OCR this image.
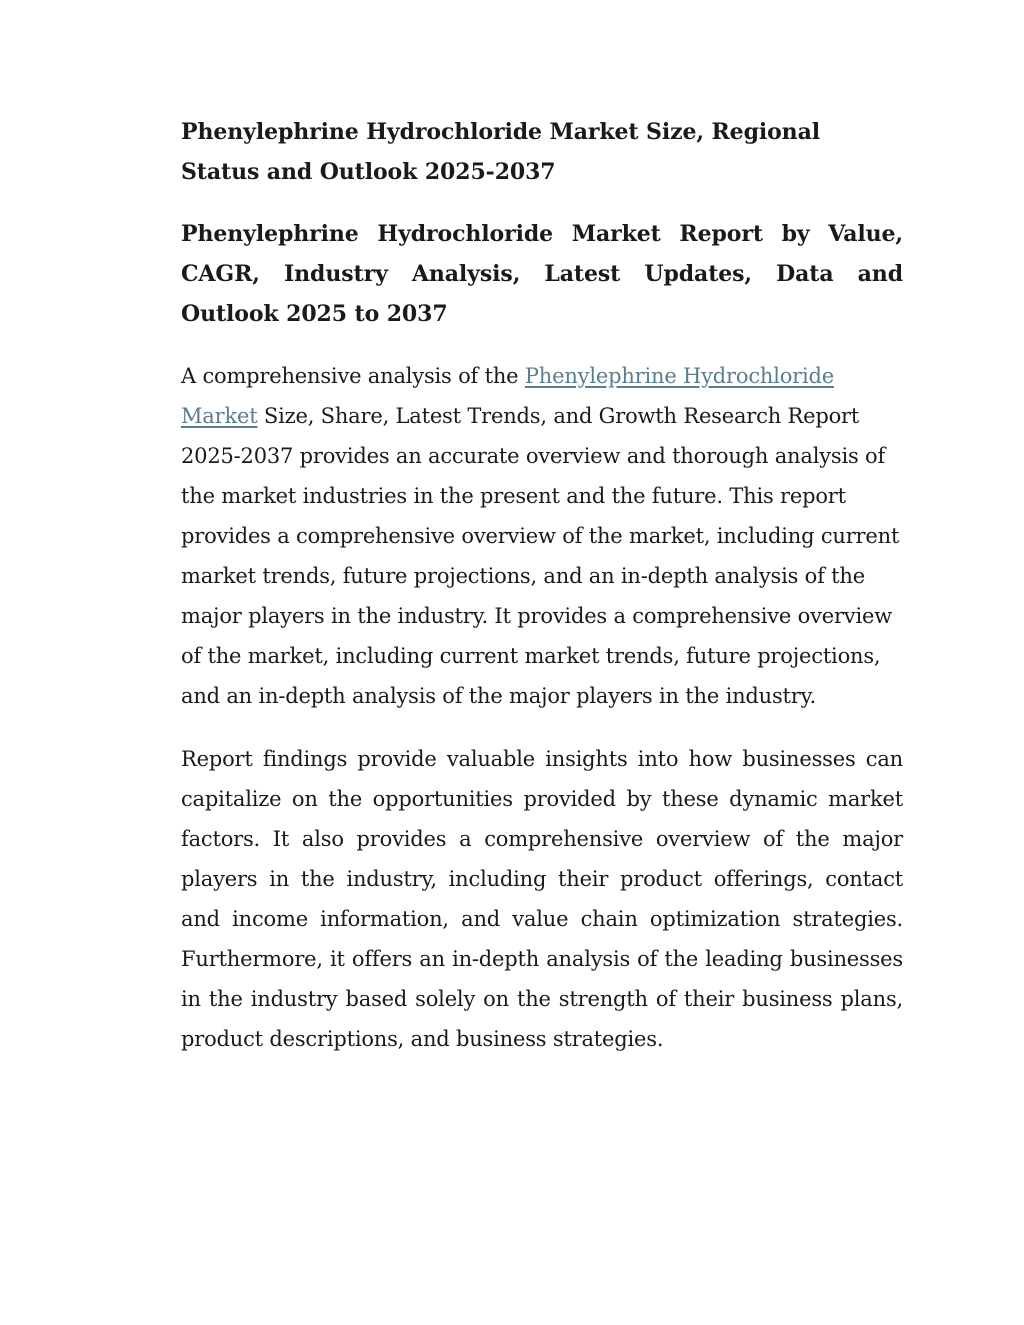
Phenylephrine Hydrochloride Market Size, Regional Status and Outlook 2025-2037
Phenylephrine Hydrochloride Market Report by Value, CAGR, Industry Analysis, Latest Updates, Data and Outlook 2025 to 2037

A comprehensive analysis of the Phenylephrine Hydrochloride Market Size, Share, Latest Trends, and Growth Research Report 2025-2037 provides an accurate overview and thorough analysis of the market industries in the present and the future. This report provides a comprehensive overview of the market, including current market trends, future projections, and an in-depth analysis of the major players in the industry. It provides a comprehensive overview of the market, including current market trends, future projections, and an in-depth analysis of the major players in the industry.

Report findings provide valuable insights into how businesses can capitalize on the opportunities provided by these dynamic market factors. It also provides a comprehensive overview of the major players in the industry, including their product offerings, contact and income information, and value chain optimization strategies. Furthermore, it offers an in-depth analysis of the leading businesses in the industry based solely on the strength of their business plans, product descriptions, and business strategies.
